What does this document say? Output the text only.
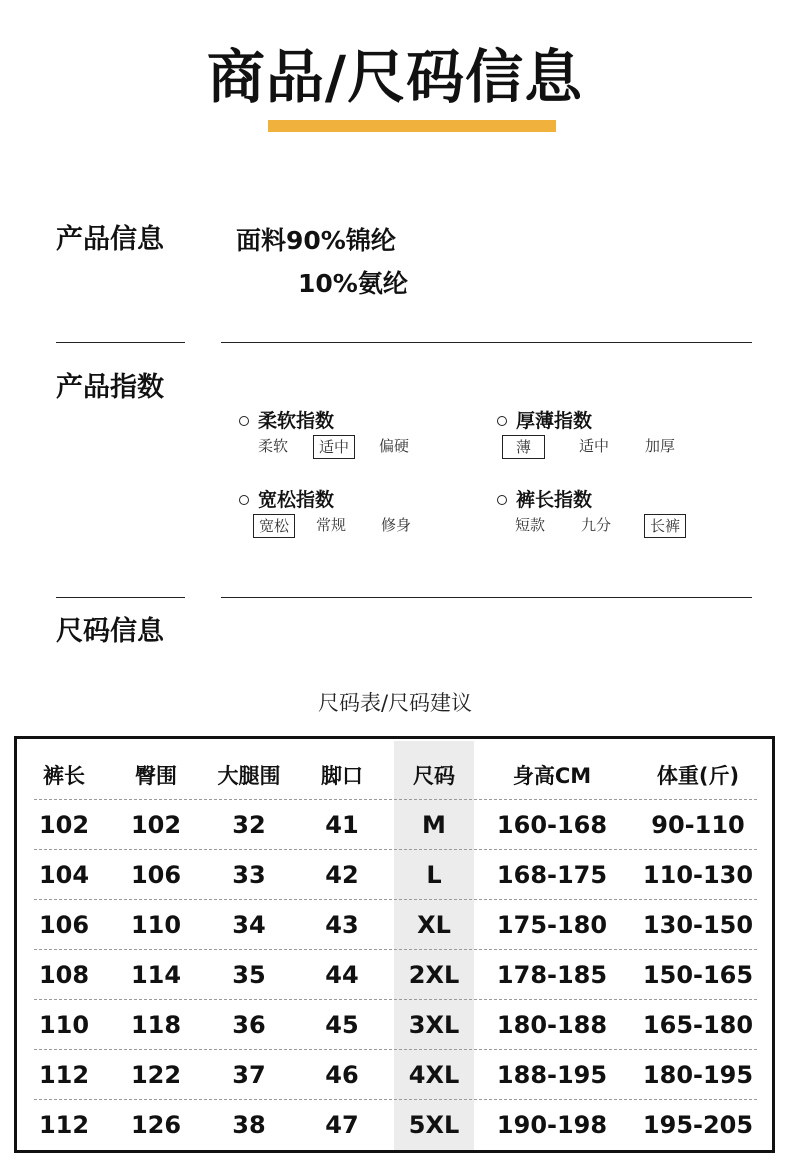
商品/尺码信息
产品信息	面料90%锦纶
10%氨纶
产品指数
柔软指数
柔软	适中	偏硬
厚薄指数
薄	适中	加厚
宽松指数
宽松	常规	修身
裤长指数
短款	九分	长裤
尺码信息
尺码表/尺码建议
裤长 臀围 大腿围 脚口 尺码	身高CM	体重(斤)
102 102 32 41	M 160-168 90-110
104 106 33 42	L 168-175 110-130
106 110 34 43 XL 175-180 130-150
108 114 35 44 2XL 178-185 150-165
110 118 36 45 3XL 180-188 165-180
112 122 37 46 4XL 188-195 180-195
112 126 38 47 5XL 190-198 195-205
